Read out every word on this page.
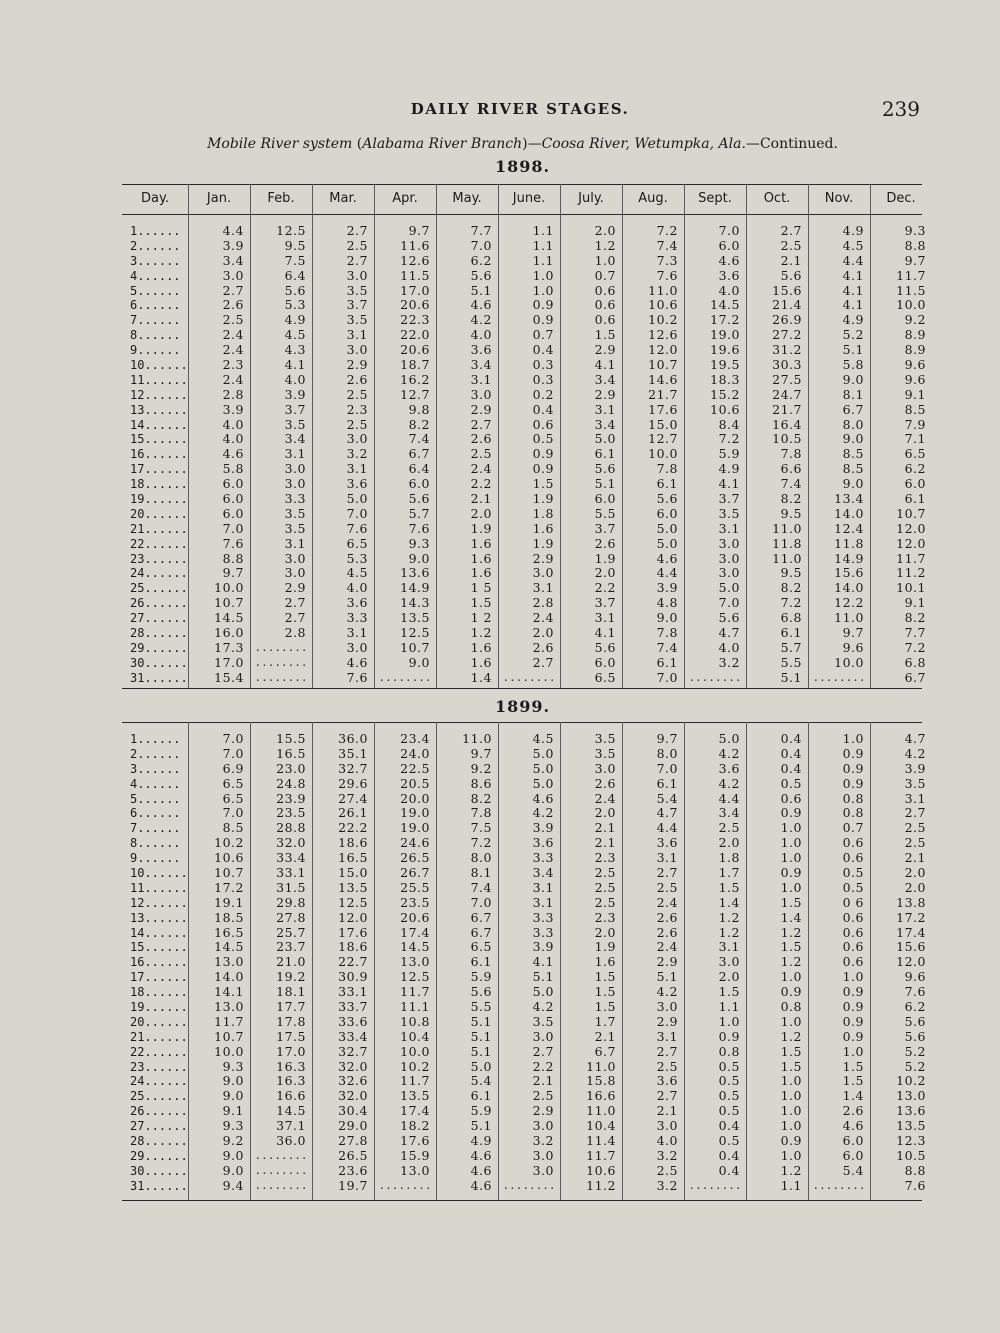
DAILY RIVER STAGES.	239
Mobile River system (Alabama River Branch)—Coosa River, Wetumpka, Ala.—Continued.
1898.
Day.	Jan.	Feb.	Mar.	Apr.	May.	June.	July.	Aug.	Sept.	Oct.	Nov.	Dec.
1 ......	4.4	12.5	2.7	9.7	7.7	1.1	2.0	7.2	7.0	2.7	4.9	9.3
2 ......	3.9	9.5	2.5	11.6	7.0	1.1	1.2	7.4	6.0	2.5	4.5	8.8
3 ......	3.4	7.5	2.7	12.6	6.2	1.1	1.0	7.3	4.6	2.1	4.4	9.7
4 ......	3.0	6.4	3.0	11.5	5.6	1.0	0.7	7.6	3.6	5.6	4.1	11.7
5 ......	2.7	5.6	3.5	17.0	5.1	1.0	0.6	11.0	4.0	15.6	4.1	11.5
6 ......	2.6	5.3	3.7	20.6	4.6	0.9	0.6	10.6	14.5	21.4	4.1	10.0
7 ......	2.5	4.9	3.5	22.3	4.2	0.9	0.6	10.2	17.2	26.9	4.9	9.2
8 ......	2.4	4.5	3.1	22.0	4.0	0.7	1.5	12.6	19.0	27.2	5.2	8.9
9 ......	2.4	4.3	3.0	20.6	3.6	0.4	2.9	12.0	19.6	31.2	5.1	8.9
10 ......	2.3	4.1	2.9	18.7	3.4	0.3	4.1	10.7	19.5	30.3	5.8	9.6
11 ......	2.4	4.0	2.6	16.2	3.1	0.3	3.4	14.6	18.3	27.5	9.0	9.6
12 ......	2.8	3.9	2.5	12.7	3.0	0.2	2.9	21.7	15.2	24.7	8.1	9.1
13 ......	3.9	3.7	2.3	9.8	2.9	0.4	3.1	17.6	10.6	21.7	6.7	8.5
14 ......	4.0	3.5	2.5	8.2	2.7	0.6	3.4	15.0	8.4	16.4	8.0	7.9
15 ......	4.0	3.4	3.0	7.4	2.6	0.5	5.0	12.7	7.2	10.5	9.0	7.1
16 ......	4.6	3.1	3.2	6.7	2.5	0.9	6.1	10.0	5.9	7.8	8.5	6.5
17 ......	5.8	3.0	3.1	6.4	2.4	0.9	5.6	7.8	4.9	6.6	8.5	6.2
18 ......	6.0	3.0	3.6	6.0	2.2	1.5	5.1	6.1	4.1	7.4	9.0	6.0
19 ......	6.0	3.3	5.0	5.6	2.1	1.9	6.0	5.6	3.7	8.2	13.4	6.1
20 ......	6.0	3.5	7.0	5.7	2.0	1.8	5.5	6.0	3.5	9.5	14.0	10.7
21 ......	7.0	3.5	7.6	7.6	1.9	1.6	3.7	5.0	3.1	11.0	12.4	12.0
22 ......	7.6	3.1	6.5	9.3	1.6	1.9	2.6	5.0	3.0	11.8	11.8	12.0
23 ......	8.8	3.0	5.3	9.0	1.6	2.9	1.9	4.6	3.0	11.0	14.9	11.7
24 ......	9.7	3.0	4.5	13.6	1.6	3.0	2.0	4.4	3.0	9.5	15.6	11.2
25 ......	10.0	2.9	4.0	14.9	1 5	3.1	2.2	3.9	5.0	8.2	14.0	10.1
26 ......	10.7	2.7	3.6	14.3	1.5	2.8	3.7	4.8	7.0	7.2	12.2	9.1
27 ......	14.5	2.7	3.3	13.5	1 2	2.4	3.1	9.0	5.6	6.8	11.0	8.2
28 ......	16.0	2.8	3.1	12.5	1.2	2.0	4.1	7.8	4.7	6.1	9.7	7.7
29 ......	17.3 ........	3.0	10.7	1.6	2.6	5.6	7.4	4.0	5.7	9.6	7.2
30 ......	17.0 ........	4.6	9.0	1.6	2.7	6.0	6.1	3.2	5.5	10.0	6.8
31 ......	15.4 ........	7.6 ........	1.4 ........	6.5	7.0 ........	5.1 ........	6.7
1899.
1 ......	7.0	15.5	36.0	23.4	11.0	4.5	3.5	9.7	5.0	0.4	1.0	4.7
2 ......	7.0	16.5	35.1	24.0	9.7	5.0	3.5	8.0	4.2	0.4	0.9	4.2
3 ......	6.9	23.0	32.7	22.5	9.2	5.0	3.0	7.0	3.6	0.4	0.9	3.9
4 ......	6.5	24.8	29.6	20.5	8.6	5.0	2.6	6.1	4.2	0.5	0.9	3.5
5 ......	6.5	23.9	27.4	20.0	8.2	4.6	2.4	5.4	4.4	0.6	0.8	3.1
6 ......	7.0	23.5	26.1	19.0	7.8	4.2	2.0	4.7	3.4	0.9	0.8	2.7
7 ......	8.5	28.8	22.2	19.0	7.5	3.9	2.1	4.4	2.5	1.0	0.7	2.5
8 ......	10.2	32.0	18.6	24.6	7.2	3.6	2.1	3.6	2.0	1.0	0.6	2.5
9 ......	10.6	33.4	16.5	26.5	8.0	3.3	2.3	3.1	1.8	1.0	0.6	2.1
10 ......	10.7	33.1	15.0	26.7	8.1	3.4	2.5	2.7	1.7	0.9	0.5	2.0
11 ......	17.2	31.5	13.5	25.5	7.4	3.1	2.5	2.5	1.5	1.0	0.5	2.0
12 ......	19.1	29.8	12.5	23.5	7.0	3.1	2.5	2.4	1.4	1.5	0 6	13.8
13 ......	18.5	27.8	12.0	20.6	6.7	3.3	2.3	2.6	1.2	1.4	0.6	17.2
14 ......	16.5	25.7	17.6	17.4	6.7	3.3	2.0	2.6	1.2	1.2	0.6	17.4
15 ......	14.5	23.7	18.6	14.5	6.5	3.9	1.9	2.4	3.1	1.5	0.6	15.6
16 ......	13.0	21.0	22.7	13.0	6.1	4.1	1.6	2.9	3.0	1.2	0.6	12.0
17 ......	14.0	19.2	30.9	12.5	5.9	5.1	1.5	5.1	2.0	1.0	1.0	9.6
18 ......	14.1	18.1	33.1	11.7	5.6	5.0	1.5	4.2	1.5	0.9	0.9	7.6
19 ......	13.0	17.7	33.7	11.1	5.5	4.2	1.5	3.0	1.1	0.8	0.9	6.2
20 ......	11.7	17.8	33.6	10.8	5.1	3.5	1.7	2.9	1.0	1.0	0.9	5.6
21 ......	10.7	17.5	33.4	10.4	5.1	3.0	2.1	3.1	0.9	1.2	0.9	5.6
22 ......	10.0	17.0	32.7	10.0	5.1	2.7	6.7	2.7	0.8	1.5	1.0	5.2
23 ......	9.3	16.3	32.0	10.2	5.0	2.2	11.0	2.5	0.5	1.5	1.5	5.2
24 ......	9.0	16.3	32.6	11.7	5.4	2.1	15.8	3.6	0.5	1.0	1.5	10.2
25 ......	9.0	16.6	32.0	13.5	6.1	2.5	16.6	2.7	0.5	1.0	1.4	13.0
26 ......	9.1	14.5	30.4	17.4	5.9	2.9	11.0	2.1	0.5	1.0	2.6	13.6
27 ......	9.3	37.1	29.0	18.2	5.1	3.0	10.4	3.0	0.4	1.0	4.6	13.5
28 ......	9.2	36.0	27.8	17.6	4.9	3.2	11.4	4.0	0.5	0.9	6.0	12.3
29 ......	9.0 ........	26.5	15.9	4.6	3.0	11.7	3.2	0.4	1.0	6.0	10.5
30 ......	9.0 ........	23.6	13.0	4.6	3.0	10.6	2.5	0.4	1.2	5.4	8.8
31 ......	9.4 ........	19.7 ........	4.6 ........	11.2	3.2 ........	1.1 ........	7.6
